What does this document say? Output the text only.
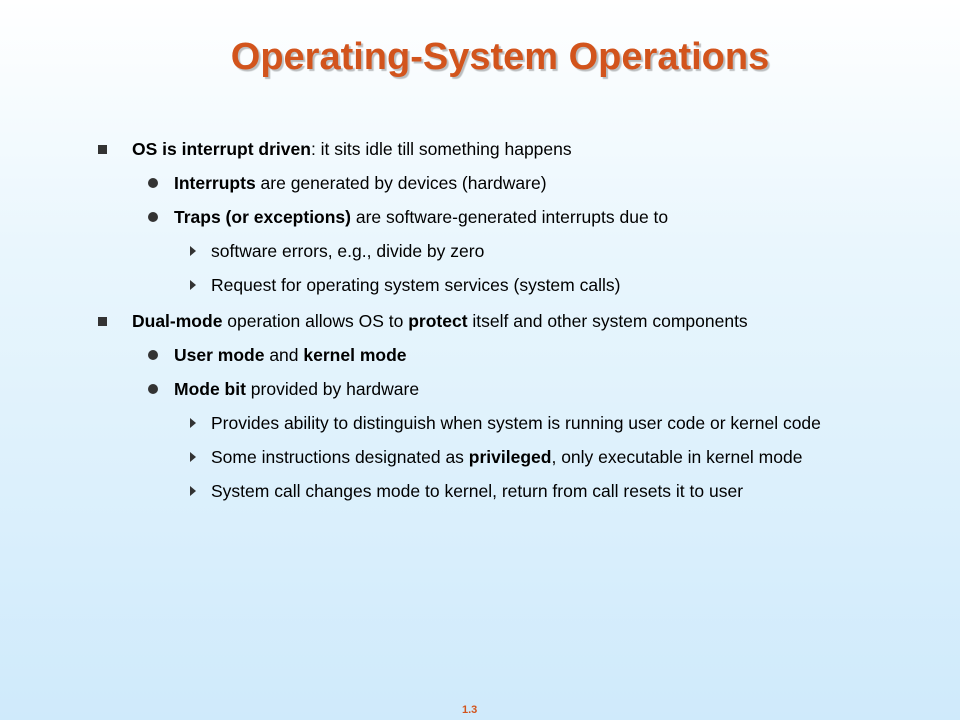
Operating-System Operations
OS is interrupt driven: it sits idle till something happens
Interrupts are generated by devices (hardware)
Traps (or exceptions) are software-generated interrupts due to
software errors, e.g., divide by zero
Request for operating system services (system calls)
Dual-mode operation allows OS to protect itself and other system components
User mode and kernel mode
Mode bit provided by hardware
Provides ability to distinguish when system is running user code or kernel code
Some instructions designated as privileged, only executable in kernel mode
System call changes mode to kernel, return from call resets it to user
1.3
